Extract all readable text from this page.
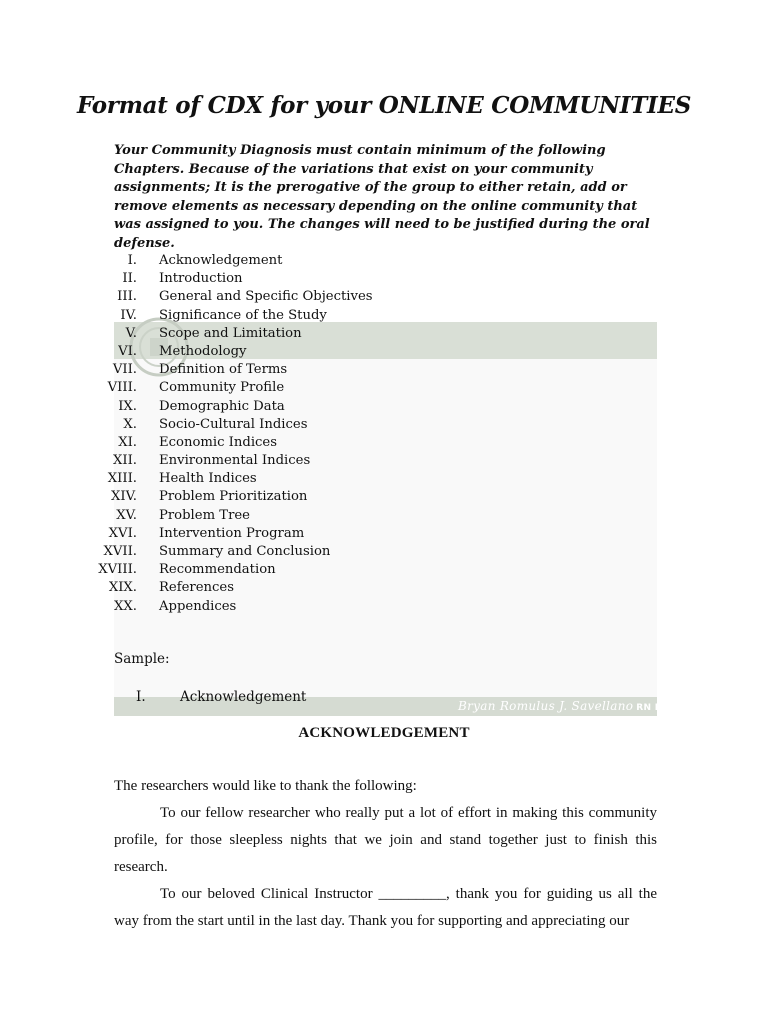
Format of CDX for your ONLINE COMMUNITIES
Your Community Diagnosis must contain minimum of the following Chapters. Because of the variations that exist on your community assignments; It is the prerogative of the group to either retain, add or remove elements as necessary depending on the online community that was assigned to you. The changes will need to be justified during the oral defense.
I. Acknowledgement
II. Introduction
III. General and Specific Objectives
IV. Significance of the Study
V. Scope and Limitation
VI. Methodology
VII. Definition of Terms
VIII. Community Profile
IX. Demographic Data
X. Socio-Cultural Indices
XI. Economic Indices
XII. Environmental Indices
XIII. Health Indices
XIV. Problem Prioritization
XV. Problem Tree
XVI. Intervention Program
XVII. Summary and Conclusion
XVIII. Recommendation
XIX. References
XX. Appendices
Bryan Romulus J. Savellano RN MAN
Sample:
I.	Acknowledgement
ACKNOWLEDGEMENT
The researchers would like to thank the following:
To our fellow researcher who really put a lot of effort in making this community profile, for those sleepless nights that we join and stand together just to finish this research.
To our beloved Clinical Instructor _________, thank you for guiding us all the way from the start until in the last day. Thank you for supporting and appreciating our
